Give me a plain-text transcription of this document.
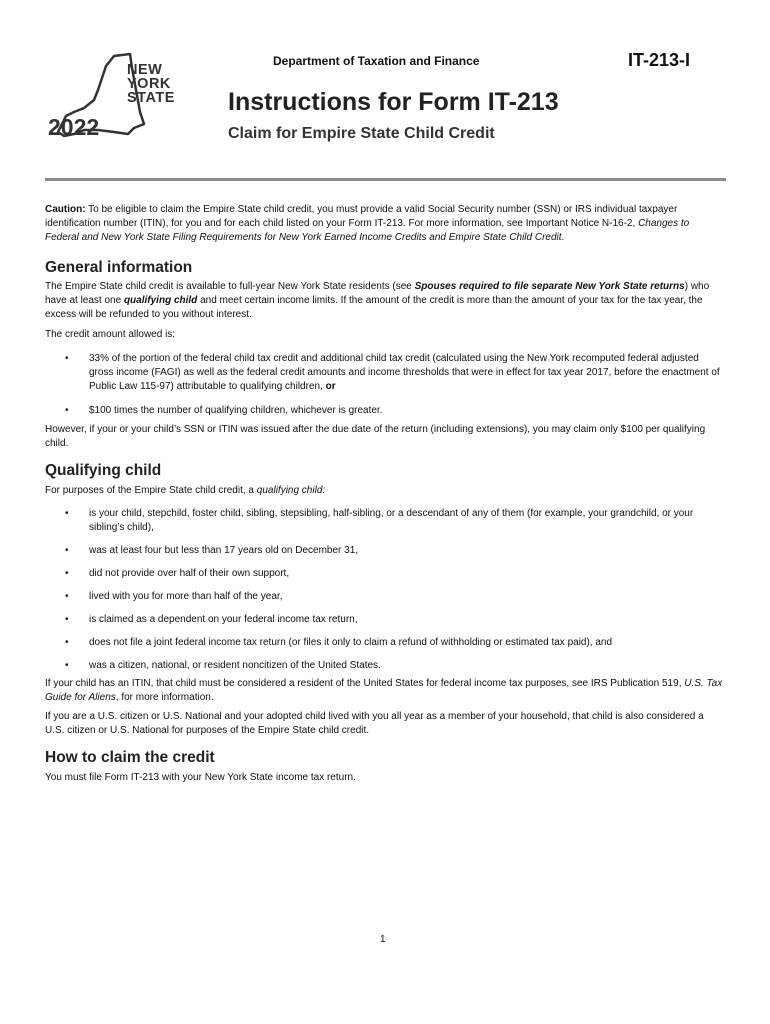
NEW
YORK
STATE
2022
Department of Taxation and Finance	IT-213-I
Instructions for Form IT-213
Claim for Empire State Child Credit

Caution: To be eligible to claim the Empire State child credit, you must provide a valid Social Security number (SSN) or IRS individual taxpayer identification number (ITIN), for you and for each child listed on your Form IT-213. For more information, see Important Notice N-16-2, Changes to Federal and New York State Filing Requirements for New York Earned Income Credits and Empire State Child Credit.

General information

The Empire State child credit is available to full-year New York State residents (see Spouses required to file separate New York State returns) who have at least one qualifying child and meet certain income limits. If the amount of the credit is more than the amount of your tax for the tax year, the excess will be refunded to you without interest.

The credit amount allowed is:

• 33% of the portion of the federal child tax credit and additional child tax credit (calculated using the New York recomputed federal adjusted gross income (FAGI) as well as the federal credit amounts and income thresholds that were in effect for tax year 2017, before the enactment of Public Law 115-97) attributable to qualifying children, or
• $100 times the number of qualifying children, whichever is greater.

However, if your or your child’s SSN or ITIN was issued after the due date of the return (including extensions), you may claim only $100 per qualifying child.

Qualifying child

For purposes of the Empire State child credit, a qualifying child:

• is your child, stepchild, foster child, sibling, stepsibling, half-sibling, or a descendant of any of them (for example, your grandchild, or your sibling’s child),
• was at least four but less than 17 years old on December 31,
• did not provide over half of their own support,
• lived with you for more than half of the year,
• is claimed as a dependent on your federal income tax return,
• does not file a joint federal income tax return (or files it only to claim a refund of withholding or estimated tax paid), and
• was a citizen, national, or resident noncitizen of the United States.

If your child has an ITIN, that child must be considered a resident of the United States for federal income tax purposes, see IRS Publication 519, U.S. Tax Guide for Aliens, for more information.

If you are a U.S. citizen or U.S. National and your adopted child lived with you all year as a member of your household, that child is also considered a U.S. citizen or U.S. National for purposes of the Empire State child credit.

How to claim the credit

You must file Form IT-213 with your New York State income tax return.

1
